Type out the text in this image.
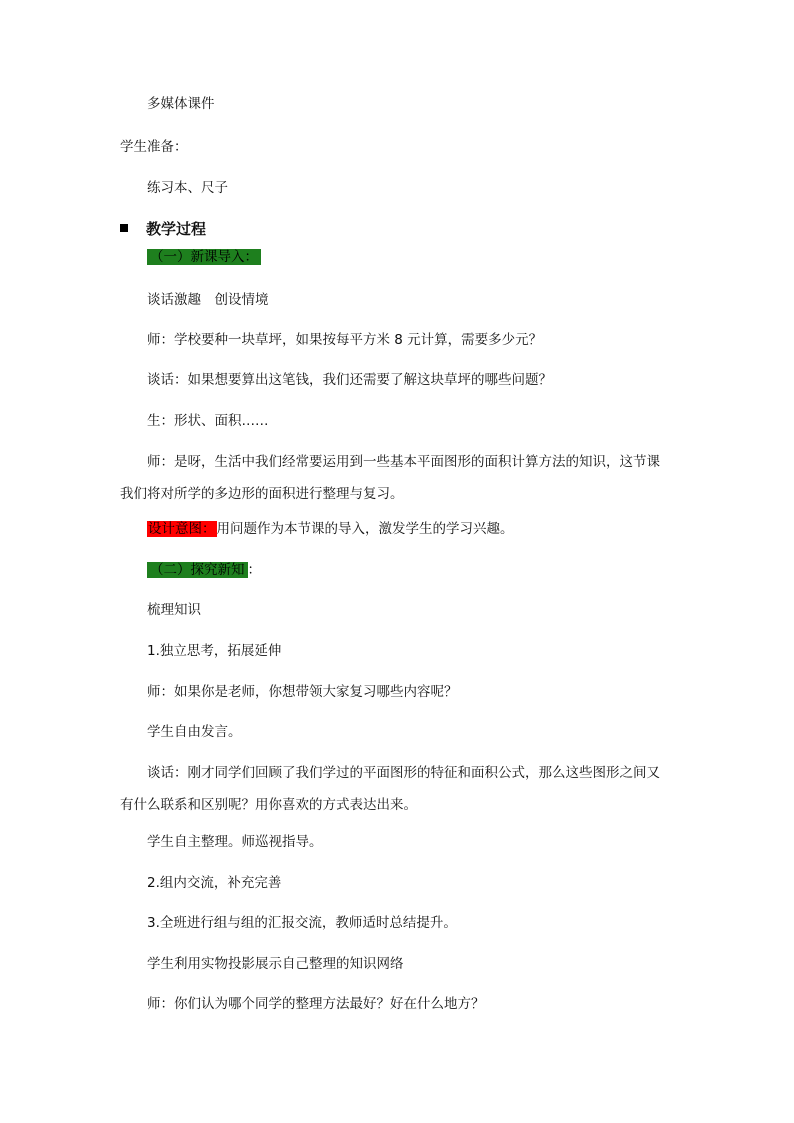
多媒体课件
学生准备：
练习本、尺子
教学过程
（一）新课导入：
谈话激趣　创设情境
师：学校要种一块草坪，如果按每平方米 8 元计算，需要多少元？
谈话：如果想要算出这笔钱，我们还需要了解这块草坪的哪些问题？
生：形状、面积……
师：是呀，生活中我们经常要运用到一些基本平面图形的面积计算方法的知识，这节课
我们将对所学的多边形的面积进行整理与复习。
设计意图：用问题作为本节课的导入，激发学生的学习兴趣。
（二）探究新知 ：
梳理知识
1.独立思考，拓展延伸
师：如果你是老师，你想带领大家复习哪些内容呢？
学生自由发言。
谈话：刚才同学们回顾了我们学过的平面图形的特征和面积公式，那么这些图形之间又
有什么联系和区别呢？用你喜欢的方式表达出来。
学生自主整理。师巡视指导。
2.组内交流，补充完善
3.全班进行组与组的汇报交流，教师适时总结提升。
学生利用实物投影展示自己整理的知识网络
师：你们认为哪个同学的整理方法最好？好在什么地方？
